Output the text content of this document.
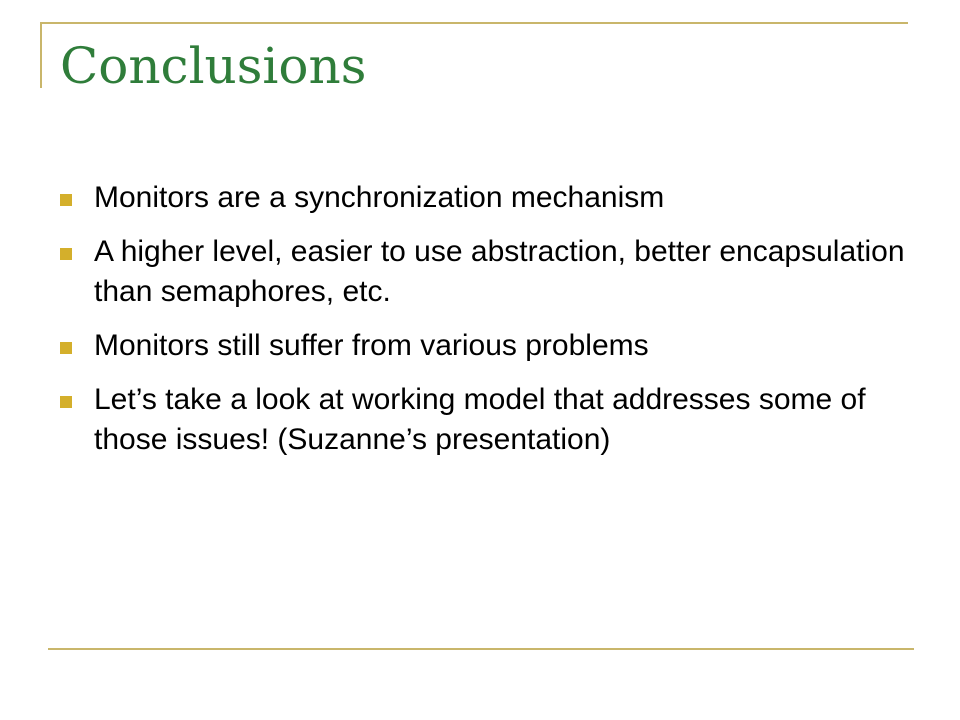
Conclusions
Monitors are a synchronization mechanism
A higher level, easier to use abstraction, better encapsulation than semaphores, etc.
Monitors still suffer from various problems
Let’s take a look at working model that addresses some of those issues! (Suzanne’s presentation)
